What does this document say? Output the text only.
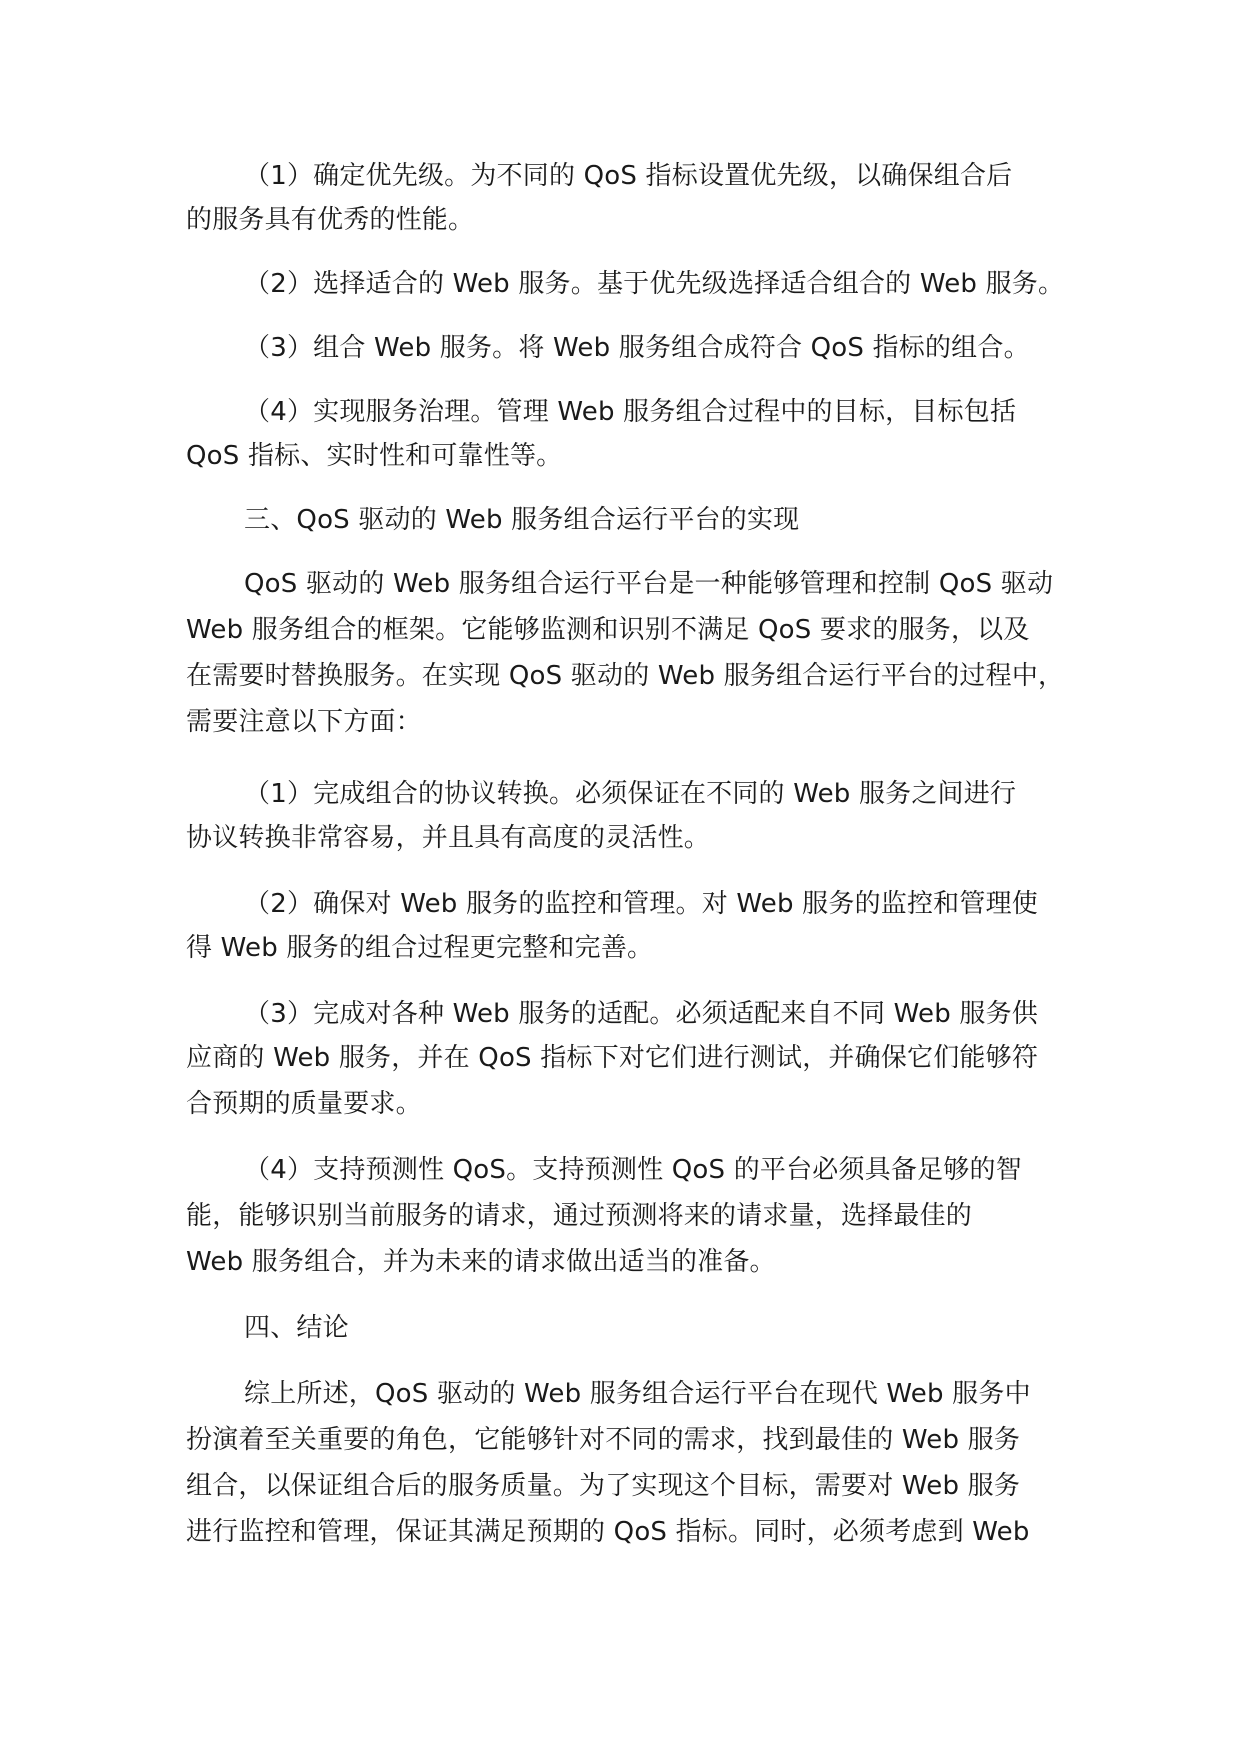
（1）确定优先级。为不同的 QoS 指标设置优先级，以确保组合后
的服务具有优秀的性能。
（2）选择适合的 Web 服务。基于优先级选择适合组合的 Web 服务。
（3）组合 Web 服务。将 Web 服务组合成符合 QoS 指标的组合。
（4）实现服务治理。管理 Web 服务组合过程中的目标，目标包括
QoS 指标、实时性和可靠性等。
三、QoS 驱动的 Web 服务组合运行平台的实现
QoS 驱动的 Web 服务组合运行平台是一种能够管理和控制 QoS 驱动
Web 服务组合的框架。它能够监测和识别不满足 QoS 要求的服务，以及
在需要时替换服务。在实现 QoS 驱动的 Web 服务组合运行平台的过程中，
需要注意以下方面：
（1）完成组合的协议转换。必须保证在不同的 Web 服务之间进行
协议转换非常容易，并且具有高度的灵活性。
（2）确保对 Web 服务的监控和管理。对 Web 服务的监控和管理使
得 Web 服务的组合过程更完整和完善。
（3）完成对各种 Web 服务的适配。必须适配来自不同 Web 服务供
应商的 Web 服务，并在 QoS 指标下对它们进行测试，并确保它们能够符
合预期的质量要求。
（4）支持预测性 QoS。支持预测性 QoS 的平台必须具备足够的智
能，能够识别当前服务的请求，通过预测将来的请求量，选择最佳的
Web 服务组合，并为未来的请求做出适当的准备。
四、结论
综上所述，QoS 驱动的 Web 服务组合运行平台在现代 Web 服务中
扮演着至关重要的角色，它能够针对不同的需求，找到最佳的 Web 服务
组合，以保证组合后的服务质量。为了实现这个目标，需要对 Web 服务
进行监控和管理，保证其满足预期的 QoS 指标。同时，必须考虑到 Web
